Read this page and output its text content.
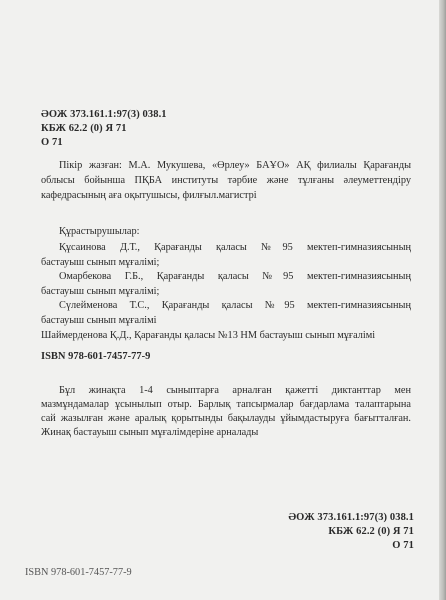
ӘОЖ 373.161.1:97(3) 038.1
КБЖ 62.2 (0) Я 71
О 71
Пікір жазған: М.А. Мукушева, «Өрлеу» БАҰО» АҚ филиалы Қарағанды
облысы бойынша ПҚБА институты тәрбие және тұлғаны әлеуметтендіру
кафедрасының аға оқытушысы, филғыл.магистрі
Құрастырушылар:
Құсаинова Д.Т., Қарағанды қаласы №95 мектеп-гимназиясының
бастауыш сынып мұғалімі;
Омарбекова Г.Б., Қарағанды қаласы №95 мектеп-гимназиясының
бастауыш сынып мұғалімі;
Сүлейменова Т.С., Қарағанды қаласы №95 мектеп-гимназиясының
бастауыш сынып мұғалімі
Шаймерденова Қ.Д., Қарағанды қаласы №13 НМ бастауыш сынып мұғалімі
ISBN 978-601-7457-77-9
Бұл жинақта 1-4 сыныптарға арналған қажетті диктанттар мен
мазмұндамалар ұсынылып отыр. Барлық тапсырмалар бағдарлама талаптарына
сай жазылған және аралық қорытынды бақылауды ұйымдастыруға бағытталған.
Жинақ бастауыш сынып мұғалімдеріне арналады
ӘОЖ 373.161.1:97(3) 038.1
КБЖ 62.2 (0) Я 71
О 71
ISBN 978-601-7457-77-9
